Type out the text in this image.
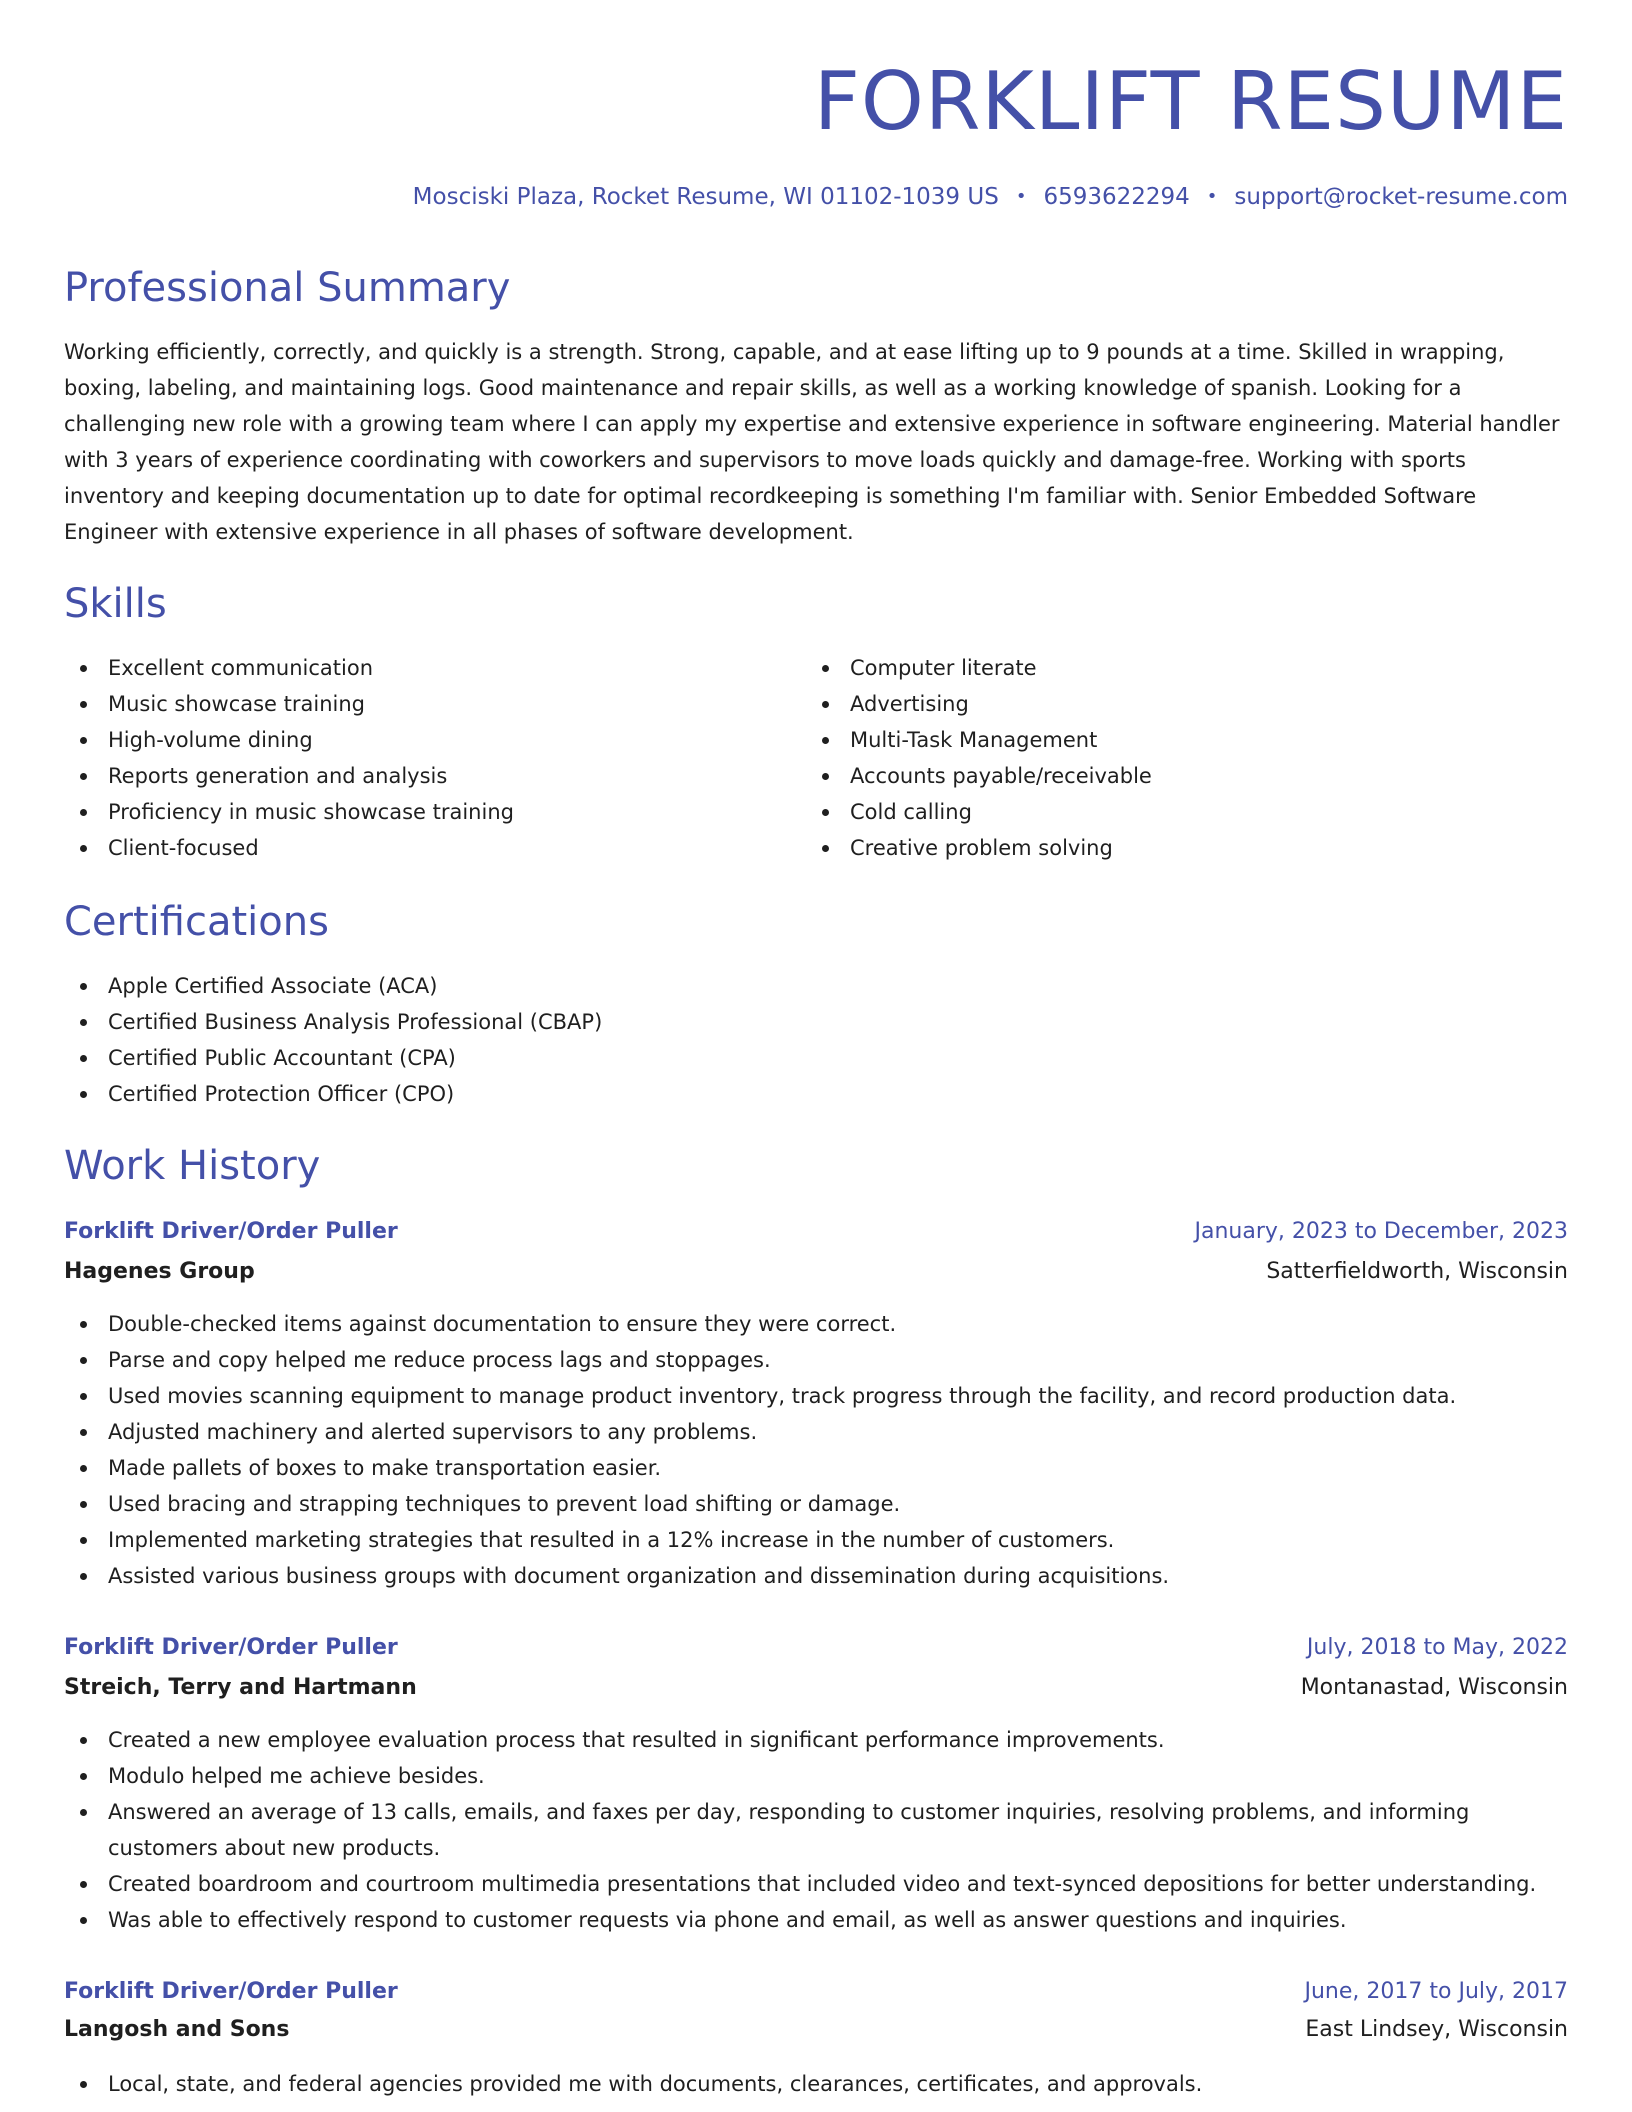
FORKLIFT RESUME
Mosciski Plaza, Rocket Resume, WI 01102-1039 US • 6593622294 • support@rocket-resume.com
Professional Summary

Working efficiently, correctly, and quickly is a strength. Strong, capable, and at ease lifting up to 9 pounds at a time. Skilled in wrapping, boxing, labeling, and maintaining logs. Good maintenance and repair skills, as well as a working knowledge of spanish. Looking for a challenging new role with a growing team where I can apply my expertise and extensive experience in software engineering. Material handler with 3 years of experience coordinating with coworkers and supervisors to move loads quickly and damage-free. Working with sports inventory and keeping documentation up to date for optimal recordkeeping is something I'm familiar with. Senior Embedded Software Engineer with extensive experience in all phases of software development.

Skills
Excellent communication
Music showcase training
High-volume dining
Reports generation and analysis
Proficiency in music showcase training
Client-focused
Computer literate
Advertising
Multi-Task Management
Accounts payable/receivable
Cold calling
Creative problem solving
Certifications
Apple Certified Associate (ACA)
Certified Business Analysis Professional (CBAP)
Certified Public Accountant (CPA)
Certified Protection Officer (CPO)
Work History
Forklift Driver/Order Puller	January, 2023 to December, 2023
Hagenes Group	Satterfieldworth, Wisconsin
Double-checked items against documentation to ensure they were correct.
Parse and copy helped me reduce process lags and stoppages.
Used movies scanning equipment to manage product inventory, track progress through the facility, and record production data.
Adjusted machinery and alerted supervisors to any problems.
Made pallets of boxes to make transportation easier.
Used bracing and strapping techniques to prevent load shifting or damage.
Implemented marketing strategies that resulted in a 12% increase in the number of customers.
Assisted various business groups with document organization and dissemination during acquisitions.
Forklift Driver/Order Puller	July, 2018 to May, 2022
Streich, Terry and Hartmann	Montanastad, Wisconsin
Created a new employee evaluation process that resulted in significant performance improvements.
Modulo helped me achieve besides.
Answered an average of 13 calls, emails, and faxes per day, responding to customer inquiries, resolving problems, and informing customers about new products.
Created boardroom and courtroom multimedia presentations that included video and text-synced depositions for better understanding.
Was able to effectively respond to customer requests via phone and email, as well as answer questions and inquiries.
Forklift Driver/Order Puller	June, 2017 to July, 2017
Langosh and Sons	East Lindsey, Wisconsin
Local, state, and federal agencies provided me with documents, clearances, certificates, and approvals.
